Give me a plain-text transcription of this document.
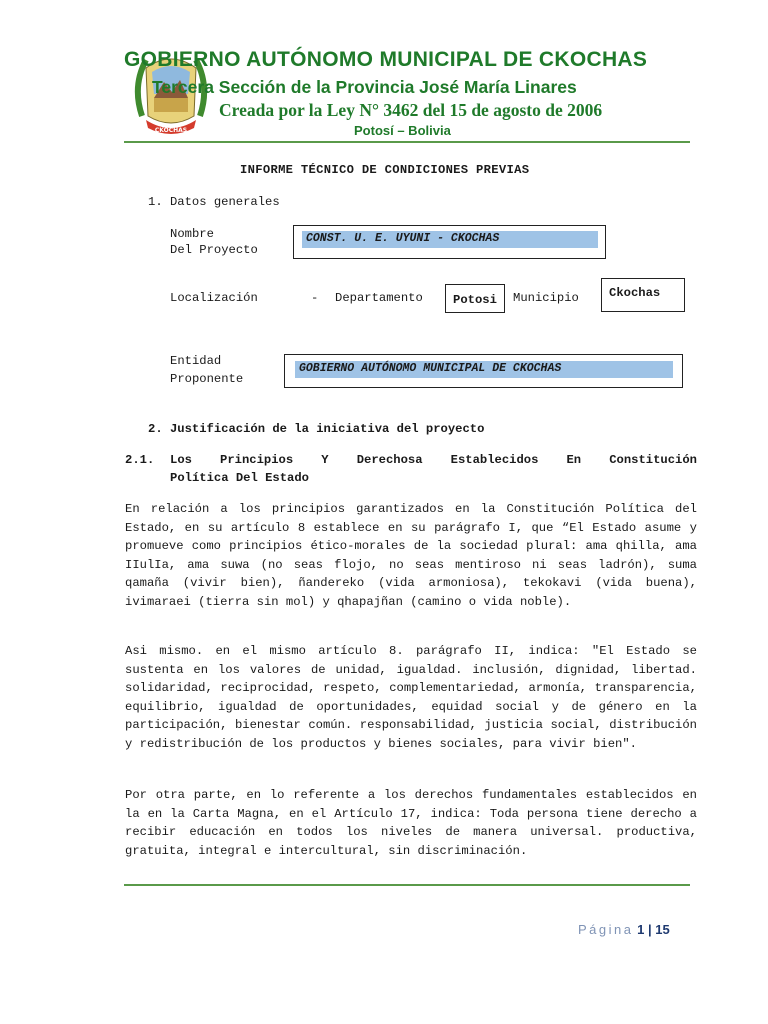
CKOCHAS
GOBIERNO AUTÓNOMO MUNICIPAL DE CKOCHAS
Tercera Sección de la Provincia José María Linares
Creada por la Ley N° 3462 del 15 de agosto de 2006
Potosí – Bolivia
INFORME TÉCNICO DE CONDICIONES PREVIAS
1. Datos generales
Nombre
Del Proyecto
CONST. U. E. UYUNI - CKOCHAS
Localización	- Departamento	Potosi	Municipio	Ckochas
Entidad
Proponente
GOBIERNO AUTÓNOMO MUNICIPAL DE CKOCHAS
2. Justificación de la iniciativa del proyecto
2.1. Los Principios Y Derechosa Establecidos En Constitución
Política Del Estado
En relación a los principios garantizados en la Constitución Política del Estado, en su artículo 8 establece en su parágrafo I, que “El Estado asume y promueve como principios ético-morales de la sociedad plural: ama qhilla, ama IIulIa, ama suwa (no seas flojo, no seas mentiroso ni seas ladrón), suma qamaña (vivir bien), ñandereko (vida armoniosa), tekokavi (vida buena), ivimaraei (tierra sin mol) y qhapajñan (camino o vida noble).
Asi mismo. en el mismo artículo 8. parágrafo II, indica: "El Estado se sustenta en los valores de unidad, igualdad. inclusión, dignidad, libertad. solidaridad, reciprocidad, respeto, complementariedad, armonía, transparencia, equilibrio, igualdad de oportunidades, equidad social y de género en la participación, bienestar común. responsabilidad, justicia social, distribución y redistribución de los productos y bienes sociales, para vivir bien".
Por otra parte, en lo referente a los derechos fundamentales establecidos en la en la Carta Magna, en el Artículo 17, indica: Toda persona tiene derecho a recibir educación en todos los niveles de manera universal. productiva, gratuita, integral e intercultural, sin discriminación.
Página 1 | 15
